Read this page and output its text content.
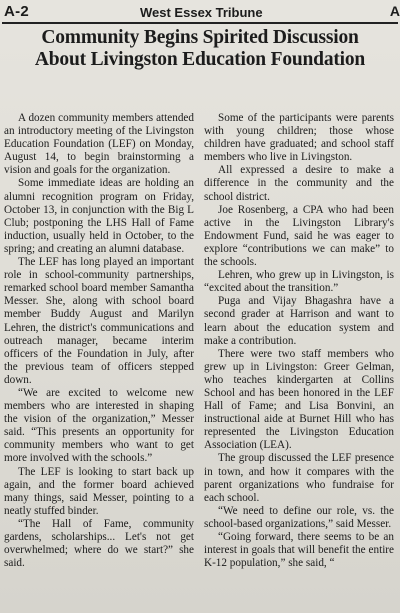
A-2	West Essex Tribune	A
Community Begins Spirited Discussion
About Livingston Education Foundation

A dozen community members attended an introductory meeting of the Livingston Education Foundation (LEF) on Monday, August 14, to begin brainstorming a vision and goals for the organization.

Some immediate ideas are holding an alumni recognition program on Friday, October 13, in conjunction with the Big L Club; postponing the LHS Hall of Fame induction, usually held in October, to the spring; and creating an alumni database.

The LEF has long played an important role in school-community partnerships, remarked school board member Samantha Messer. She, along with school board member Buddy August and Marilyn Lehren, the district's communications and outreach manager, became interim officers of the Foundation in July, after the previous team of officers stepped down.

“We are excited to welcome new members who are interested in shaping the vision of the organization,” Messer said. “This presents an opportunity for community members who want to get more involved with the schools.”

The LEF is looking to start back up again, and the former board achieved many things, said Messer, pointing to a neatly stuffed binder.

“The Hall of Fame, community gardens, scholarships... Let's not get overwhelmed; where do we start?” she said.

Some of the participants were parents with young children; those whose children have graduated; and school staff members who live in Livingston.

All expressed a desire to make a difference in the community and the school district.

Joe Rosenberg, a CPA who had been active in the Livingston Library's Endowment Fund, said he was eager to explore “contributions we can make” to the schools.

Lehren, who grew up in Livingston, is “excited about the transition.”

Puga and Vijay Bhagashra have a second grader at Harrison and want to learn about the education system and make a contribution.

There were two staff members who grew up in Livingston: Greer Gelman, who teaches kindergarten at Collins School and has been honored in the LEF Hall of Fame; and Lisa Bonvini, an instructional aide at Burnet Hill who has represented the Livingston Education Association (LEA).

The group discussed the LEF presence in town, and how it compares with the parent organizations who fundraise for each school.

“We need to define our role, vs. the school-based organizations,” said Messer.

“Going forward, there seems to be an interest in goals that will benefit the entire K-12 population,” she said, “
